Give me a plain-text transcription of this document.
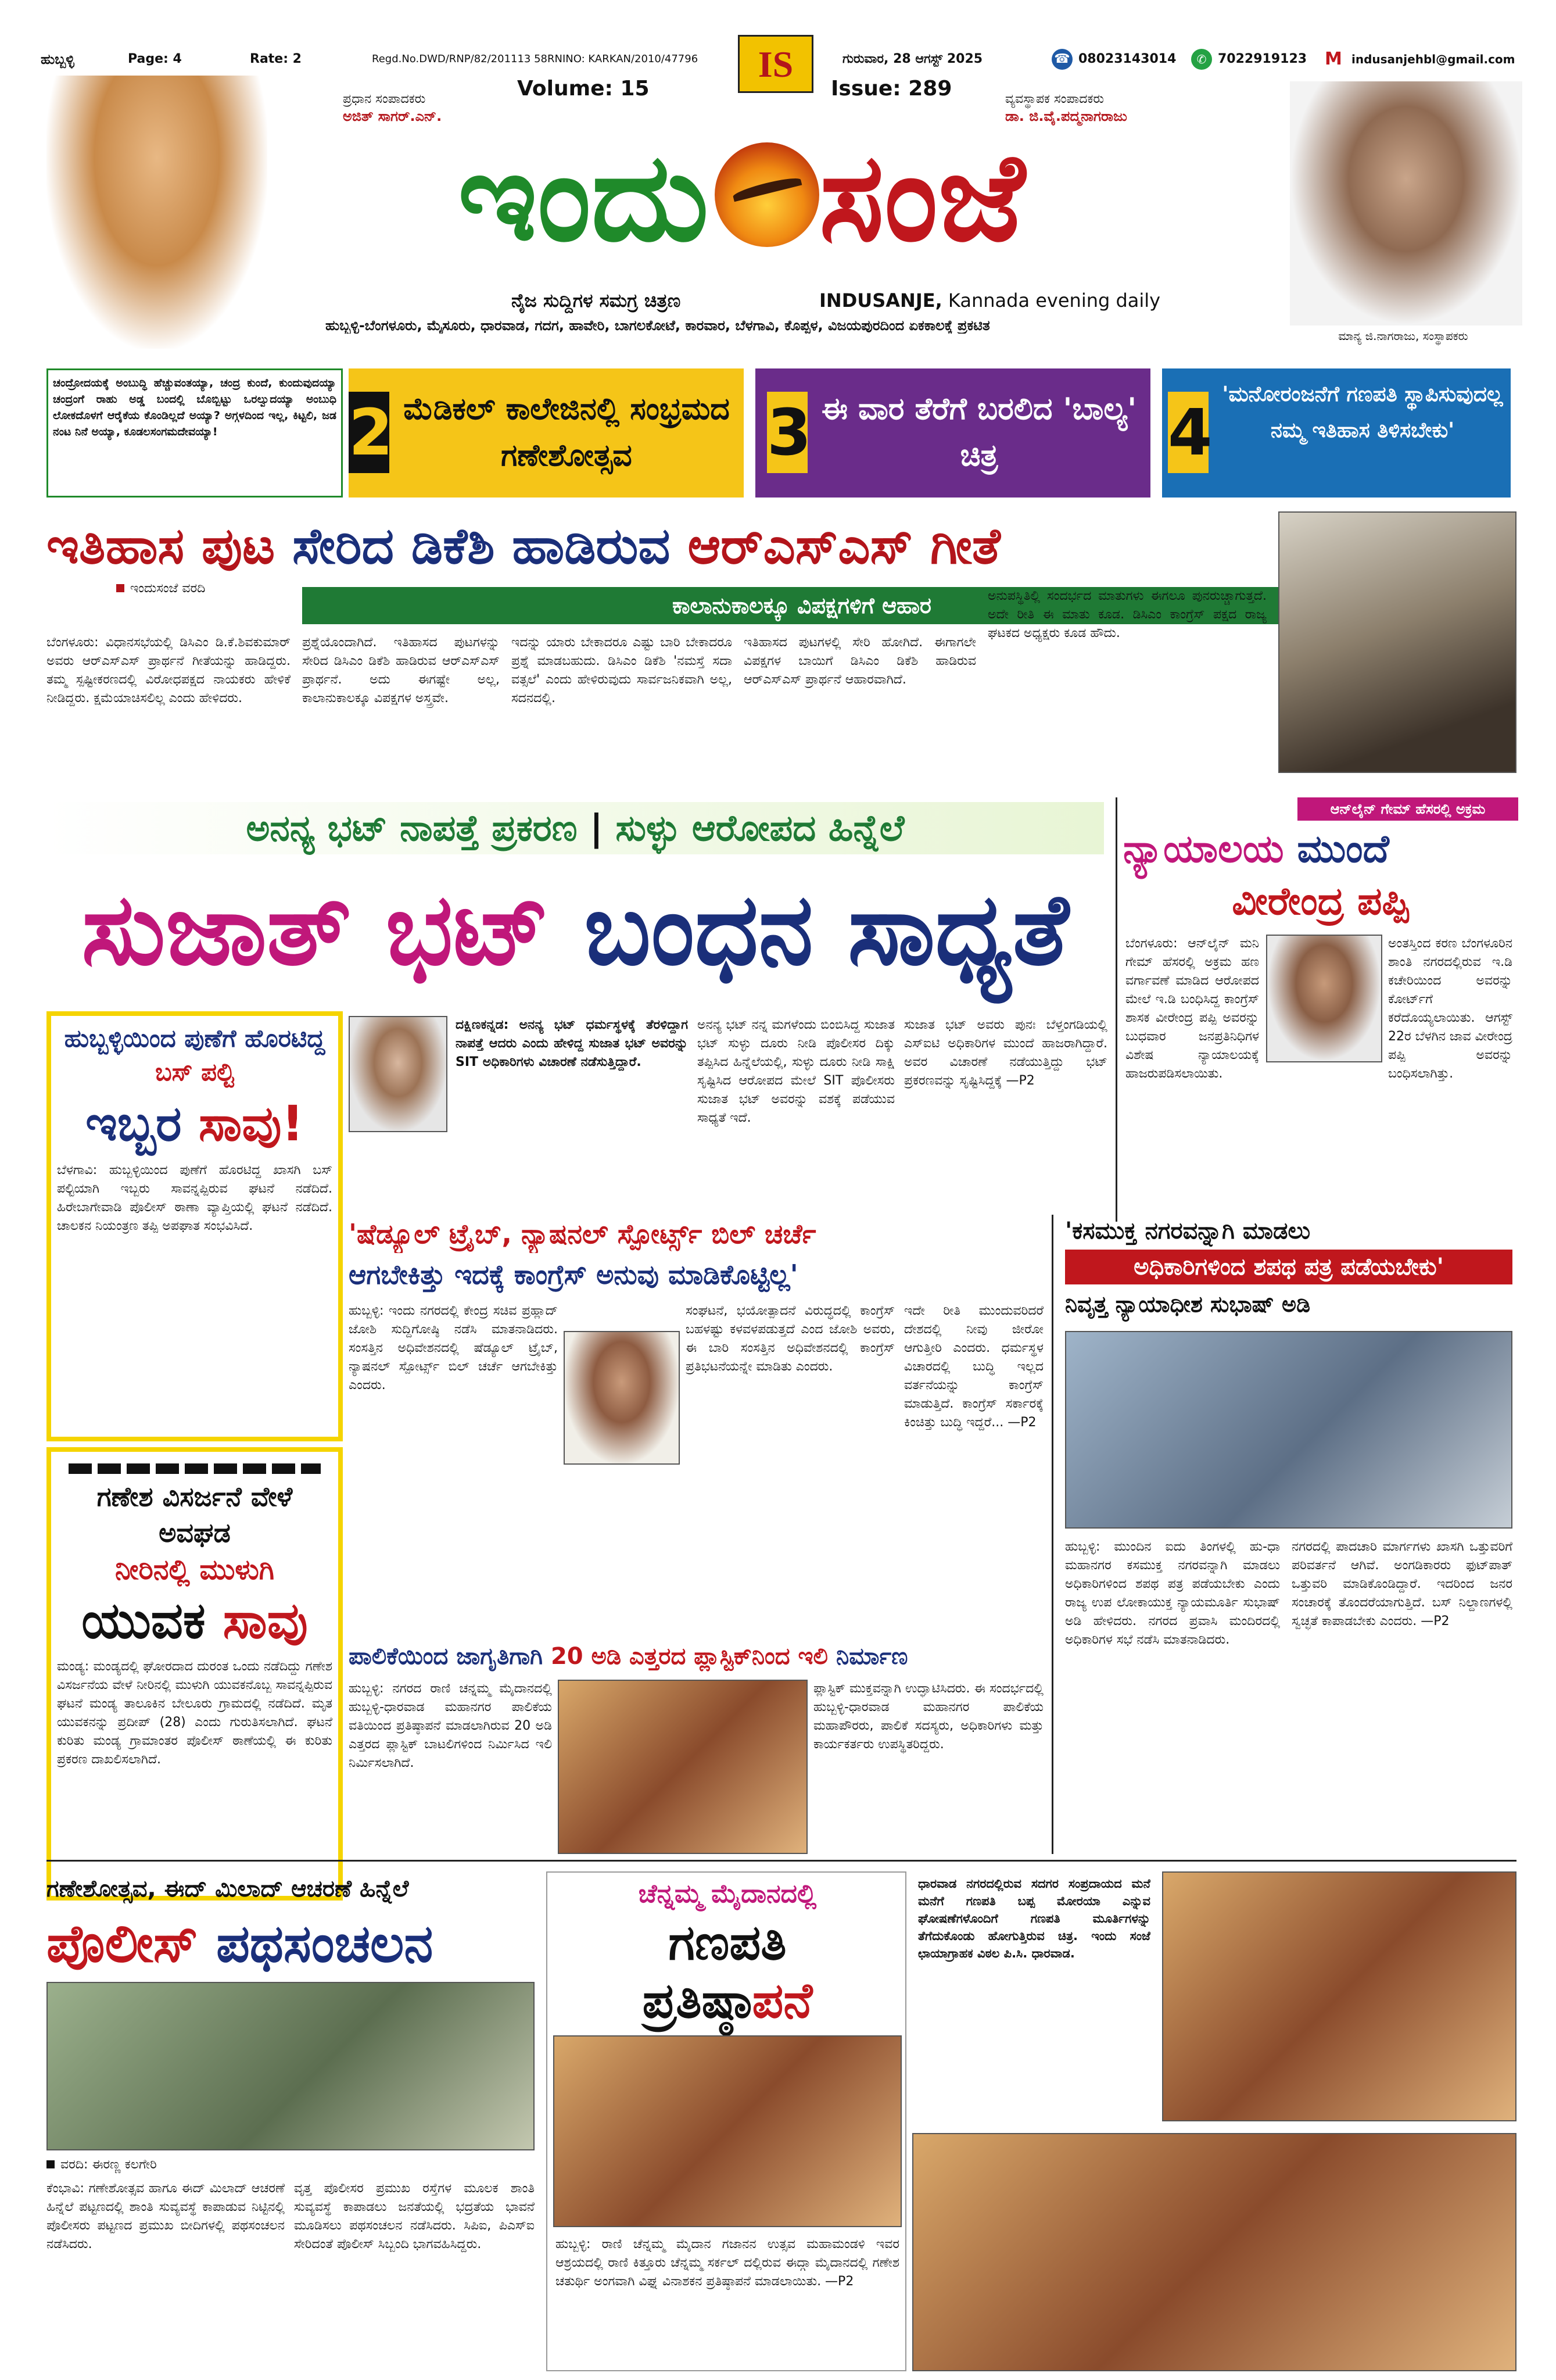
ಹುಬ್ಬಳ್ಳಿ	Page: 4	Rate: 2	Regd.No.DWD/RNP/82/201113 58RNINO: KARKAN/2010/47796	IS	ಗುರುವಾರ, 28 ಆಗಸ್ಟ್ 2025	☎ 08023143014	✆ 7022919123 M indusanjehbl@gmail.com
Volume: 15	Issue: 289
ಪ್ರಧಾನ ಸಂಪಾದಕರು
ಅಜಿತ್ ಸಾಗರ್.ಎನ್.
ವ್ಯವಸ್ಥಾಪಕ ಸಂಪಾದಕರು
ಡಾ. ಜಿ.ವೈ.ಪದ್ಮನಾಗರಾಜು
ಇಂದು ಸಂಜೆ
ನೈಜ ಸುದ್ದಿಗಳ ಸಮಗ್ರ ಚಿತ್ರಣ	INDUSANJE, Kannada evening daily
ಹುಬ್ಬಳ್ಳಿ-ಬೆಂಗಳೂರು, ಮೈಸೂರು, ಧಾರವಾಡ, ಗದಗ, ಹಾವೇರಿ, ಬಾಗಲಕೋಟೆ, ಕಾರವಾರ, ಬೆಳಗಾವಿ, ಕೊಪ್ಪಳ, ವಿಜಯಪುರದಿಂದ ಏಕಕಾಲಕ್ಕೆ ಪ್ರಕಟಿತ
ಮಾನ್ಯ ಜಿ.ನಾಗರಾಜು, ಸಂಸ್ಥಾಪಕರು
ಚಂದ್ರೋದಯಕ್ಕೆ ಅಂಬುದ್ಧಿ ಹೆಚ್ಚುವಂತಯ್ಯಾ, ಚಂದ್ರ ಕುಂದೆ, ಕುಂದುವುದಯ್ಯಾ ಚಂದ್ರಂಗೆ ರಾಹು ಅಡ್ಡ ಬಂದಲ್ಲಿ ಬೊಬ್ಬಿಟ್ಟು ಒರಲ್ವುದಯ್ಯಾ ಅಂಬುಧಿ ಲೋಕದೊಳಗೆ ಆರೈಕೆಯ ಕೊಂಡಿಲ್ಲದೆ ಅಯ್ಯಾ? ಅಗ್ಗಳದಿಂದ ಇಲ್ಲ, ಕಿಟ್ಟಲಿ, ಜಡ ನಂಟ ನಿನೆ ಅಯ್ಯಾ, ಕೂಡಲಸಂಗಮದೇವಯ್ಯಾ!	2 ಮೆಡಿಕಲ್ ಕಾಲೇಜಿನಲ್ಲಿ ಸಂಭ್ರಮದ ಗಣೇಶೋತ್ಸವ	3 ಈ ವಾರ ತೆರೆಗೆ ಬರಲಿದ 'ಬಾಲ್ಯ' ಚಿತ್ರ	4
'ಮನೋರಂಜನೆಗೆ ಗಣಪತಿ ಸ್ಥಾಪಿಸುವುದಲ್ಲ ನಮ್ಮ ಇತಿಹಾಸ ತಿಳಿಸಬೇಕು'
ಇತಿಹಾಸ ಪುಟ ಸೇರಿದ ಡಿಕೆಶಿ ಹಾಡಿರುವ ಆರ್‌ಎಸ್‌ಎಸ್ ಗೀತೆ
ಇಂದುಸಂಜೆ ವರದಿ
ಕಾಲಾನುಕಾಲಕ್ಕೂ ವಿಪಕ್ಷಗಳಿಗೆ ಆಹಾರ
ಬೆಂಗಳೂರು: ವಿಧಾನಸಭೆಯಲ್ಲಿ ಡಿಸಿಎಂ ಡಿ.ಕೆ.ಶಿವಕುಮಾರ್ ಅವರು ಆರ್‌ಎಸ್‌ಎಸ್ ಪ್ರಾರ್ಥನೆ ಗೀತೆಯನ್ನು ಹಾಡಿದ್ದರು. ತಮ್ಮ ಸ್ಪಷ್ಟೀಕರಣದಲ್ಲಿ ವಿರೋಧಪಕ್ಷದ ನಾಯಕರು ಹೇಳಿಕೆ ನೀಡಿದ್ದರು. ಕ್ಷಮೆಯಾಚಿಸಲಿಲ್ಲ ಎಂದು ಹೇಳಿದರು.
ಪ್ರಶ್ನೆಯೊಂದಾಗಿದೆ. ಇತಿಹಾಸದ ಪುಟಗಳನ್ನು ಸೇರಿದ ಡಿಸಿಎಂ ಡಿಕೆಶಿ ಹಾಡಿರುವ ಆರ್‌ಎಸ್‌ಎಸ್ ಪ್ರಾರ್ಥನೆ. ಅದು ಈಗಷ್ಟೇ ಅಲ್ಲ, ಕಾಲಾನುಕಾಲಕ್ಕೂ ವಿಪಕ್ಷಗಳ ಅಸ್ತ್ರವೇ.
ಇದನ್ನು ಯಾರು ಬೇಕಾದರೂ ಎಷ್ಟು ಬಾರಿ ಬೇಕಾದರೂ ಪ್ರಶ್ನೆ ಮಾಡಬಹುದು. ಡಿಸಿಎಂ ಡಿಕೆಶಿ 'ನಮಸ್ತೆ ಸದಾ ವತ್ಸಲೆ' ಎಂದು ಹೇಳಿರುವುದು ಸಾರ್ವಜನಿಕವಾಗಿ ಅಲ್ಲ, ಸದನದಲ್ಲಿ.
ಇತಿಹಾಸದ ಪುಟಗಳಲ್ಲಿ ಸೇರಿ ಹೋಗಿದೆ. ಈಗಾಗಲೇ ವಿಪಕ್ಷಗಳ ಬಾಯಿಗೆ ಡಿಸಿಎಂ ಡಿಕೆಶಿ ಹಾಡಿರುವ ಆರ್‌ಎಸ್‌ಎಸ್ ಪ್ರಾರ್ಥನೆ ಆಹಾರವಾಗಿದೆ.
ಅನುಪಸ್ಥಿತಿಲ್ಲಿ ಸಂದರ್ಭದ ಮಾತುಗಳು ಈಗಲೂ ಪುನರುಚ್ಚಾಗುತ್ತದೆ. ಅದೇ ರೀತಿ ಈ ಮಾತು ಕೂಡ. ಡಿಸಿಎಂ ಕಾಂಗ್ರೆಸ್ ಪಕ್ಷದ ರಾಜ್ಯ ಘಟಕದ ಅಧ್ಯಕ್ಷರು ಕೂಡ ಹೌದು.
ಅನನ್ಯ ಭಟ್ ನಾಪತ್ತೆ ಪ್ರಕರಣ | ಸುಳ್ಳು ಆರೋಪದ ಹಿನ್ನೆಲೆ
ಸುಜಾತ್ ಭಟ್ ಬಂಧನ ಸಾಧ್ಯತೆ
ಆನ್‌ಲೈನ್ ಗೇಮ್ ಹೆಸರಲ್ಲಿ ಅಕ್ರಮ
ನ್ಯಾಯಾಲಯ ಮುಂದೆ
ವೀರೇಂದ್ರ ಪಪ್ಪಿ
ಬೆಂಗಳೂರು: ಆನ್‌ಲೈನ್ ಮನಿ ಗೇಮ್ ಹೆಸರಲ್ಲಿ ಅಕ್ರಮ ಹಣ ವರ್ಗಾವಣೆ ಮಾಡಿದ ಆರೋಪದ ಮೇಲೆ ಇ.ಡಿ ಬಂಧಿಸಿದ್ದ ಕಾಂಗ್ರೆಸ್ ಶಾಸಕ ವೀರೇಂದ್ರ ಪಪ್ಪಿ ಅವರನ್ನು ಬುಧವಾರ ಜನಪ್ರತಿನಿಧಿಗಳ ವಿಶೇಷ ನ್ಯಾಯಾಲಯಕ್ಕೆ ಹಾಜರುಪಡಿಸಲಾಯಿತು.
ಅಂತಸ್ತಿಂದ ಕರಣ ಬೆಂಗಳೂರಿನ ಶಾಂತಿ ನಗರದಲ್ಲಿರುವ ಇ.ಡಿ ಕಚೇರಿಯಿಂದ ಅವರನ್ನು ಕೋರ್ಟ್‌ಗೆ ಕರೆದೊಯ್ಯಲಾಯಿತು. ಆಗಸ್ಟ್ 22ರ ಬೆಳಗಿನ ಜಾವ ವೀರೇಂದ್ರ ಪಪ್ಪಿ ಅವರನ್ನು ಬಂಧಿಸಲಾಗಿತ್ತು.
ಹುಬ್ಬಳ್ಳಿಯಿಂದ ಪುಣೆಗೆ ಹೊರಟಿದ್ದ ಬಸ್ ಪಲ್ಟಿ
ಇಬ್ಬರ ಸಾವು!
ಬೆಳಗಾವಿ: ಹುಬ್ಬಳ್ಳಿಯಿಂದ ಪುಣೆಗೆ ಹೊರಟಿದ್ದ ಖಾಸಗಿ ಬಸ್ ಪಲ್ಟಿಯಾಗಿ ಇಬ್ಬರು ಸಾವನ್ನಪ್ಪಿರುವ ಘಟನೆ ನಡೆದಿದೆ. ಹಿರೇಬಾಗೇವಾಡಿ ಪೊಲೀಸ್ ಠಾಣಾ ವ್ಯಾಪ್ತಿಯಲ್ಲಿ ಘಟನೆ ನಡೆದಿದೆ. ಚಾಲಕನ ನಿಯಂತ್ರಣ ತಪ್ಪಿ ಅಪಘಾತ ಸಂಭವಿಸಿದೆ.
ಗಣೇಶ ವಿಸರ್ಜನೆ ವೇಳೆ ಅವಘಡ
ನೀರಿನಲ್ಲಿ ಮುಳುಗಿ
ಯುವಕ ಸಾವು
ಮಂಡ್ಯ: ಮಂಡ್ಯದಲ್ಲಿ ಘೋರದಾದ ದುರಂತ ಒಂದು ನಡೆದಿದ್ದು ಗಣೇಶ ವಿಸರ್ಜನೆಯ ವೇಳೆ ನೀರಿನಲ್ಲಿ ಮುಳುಗಿ ಯುವಕನೊಬ್ಬ ಸಾವನ್ನಪ್ಪಿರುವ ಘಟನೆ ಮಂಡ್ಯ ತಾಲೂಕಿನ ಬೇಲೂರು ಗ್ರಾಮದಲ್ಲಿ ನಡೆದಿದೆ. ಮೃತ ಯುವಕನನ್ನು ಪ್ರದೀಪ್ (28) ಎಂದು ಗುರುತಿಸಲಾಗಿದೆ. ಘಟನೆ ಕುರಿತು ಮಂಡ್ಯ ಗ್ರಾಮಾಂತರ ಪೊಲೀಸ್ ಠಾಣೆಯಲ್ಲಿ ಈ ಕುರಿತು ಪ್ರಕರಣ ದಾಖಲಿಸಲಾಗಿದೆ.
ದಕ್ಷಿಣಕನ್ನಡ: ಅನನ್ಯ ಭಟ್ ಧರ್ಮಸ್ಥಳಕ್ಕೆ ತೆರಳಿದ್ದಾಗ ನಾಪತ್ತೆ ಆದರು ಎಂದು ಹೇಳಿದ್ದ ಸುಜಾತ ಭಟ್ ಅವರನ್ನು SIT ಅಧಿಕಾರಿಗಳು ವಿಚಾರಣೆ ನಡೆಸುತ್ತಿದ್ದಾರೆ.
ಅನನ್ಯ ಭಟ್ ನನ್ನ ಮಗಳೆಂದು ಬಿಂಬಿಸಿದ್ದ ಸುಜಾತ ಭಟ್ ಸುಳ್ಳು ದೂರು ನೀಡಿ ಪೊಲೀಸರ ದಿಕ್ಕು ತಪ್ಪಿಸಿದ ಹಿನ್ನೆಲೆಯಲ್ಲಿ, ಸುಳ್ಳು ದೂರು ನೀಡಿ ಸಾಕ್ಷಿ ಸೃಷ್ಟಿಸಿದ ಆರೋಪದ ಮೇಲೆ SIT ಪೊಲೀಸರು ಸುಜಾತ ಭಟ್ ಅವರನ್ನು ವಶಕ್ಕೆ ಪಡೆಯುವ ಸಾಧ್ಯತೆ ಇದೆ.
ಸುಜಾತ ಭಟ್ ಅವರು ಪುನಃ ಬೆಳ್ತಂಗಡಿಯಲ್ಲಿ ಎಸ್‌ಐಟಿ ಅಧಿಕಾರಿಗಳ ಮುಂದೆ ಹಾಜರಾಗಿದ್ದಾರೆ. ಅವರ ವಿಚಾರಣೆ ನಡೆಯುತ್ತಿದ್ದು ಭಟ್ ಪ್ರಕರಣವನ್ನು ಸೃಷ್ಟಿಸಿದ್ದಕ್ಕೆ —P2
'ಷೆಡ್ಯೂಲ್ ಟ್ರೈಬ್, ನ್ಯಾಷನಲ್ ಸ್ಪೋರ್ಟ್ಸ್ ಬಿಲ್ ಚರ್ಚೆ
ಆಗಬೇಕಿತ್ತು ಇದಕ್ಕೆ ಕಾಂಗ್ರೆಸ್ ಅನುವು ಮಾಡಿಕೊಟ್ಟಿಲ್ಲ'
ಹುಬ್ಬಳ್ಳಿ: ಇಂದು ನಗರದಲ್ಲಿ ಕೇಂದ್ರ ಸಚಿವ ಪ್ರಹ್ಲಾದ್ ಜೋಶಿ ಸುದ್ದಿಗೋಷ್ಠಿ ನಡೆಸಿ ಮಾತನಾಡಿದರು. ಸಂಸತ್ತಿನ ಅಧಿವೇಶನದಲ್ಲಿ ಷೆಡ್ಯೂಲ್ ಟ್ರೈಬ್, ನ್ಯಾಷನಲ್ ಸ್ಪೋರ್ಟ್ಸ್ ಬಿಲ್ ಚರ್ಚೆ ಆಗಬೇಕಿತ್ತು ಎಂದರು.
ಸಂಘಟನೆ, ಭಯೋತ್ಪಾದನೆ ವಿರುದ್ಧದಲ್ಲಿ ಕಾಂಗ್ರೆಸ್ ಬಹಳಷ್ಟು ಕಳವಳಪಡುತ್ತದೆ ಎಂದ ಜೋಶಿ ಅವರು, ಈ ಬಾರಿ ಸಂಸತ್ತಿನ ಅಧಿವೇಶನದಲ್ಲಿ ಕಾಂಗ್ರೆಸ್ ಪ್ರತಿಭಟನೆಯನ್ನೇ ಮಾಡಿತು ಎಂದರು.
ಇದೇ ರೀತಿ ಮುಂದುವರಿದರೆ ದೇಶದಲ್ಲಿ ನೀವು ಜೀರೋ ಆಗುತ್ತೀರಿ ಎಂದರು. ಧರ್ಮಸ್ಥಳ ವಿಚಾರದಲ್ಲಿ ಬುದ್ಧಿ ಇಲ್ಲದ ವರ್ತನೆಯನ್ನು ಕಾಂಗ್ರೆಸ್ ಮಾಡುತ್ತಿದೆ. ಕಾಂಗ್ರೆಸ್ ಸರ್ಕಾರಕ್ಕೆ ಕಿಂಚಿತ್ತು ಬುದ್ಧಿ ಇದ್ದರೆ... —P2
'ಕಸಮುಕ್ತ ನಗರವನ್ನಾಗಿ ಮಾಡಲು
ಅಧಿಕಾರಿಗಳಿಂದ ಶಪಥ ಪತ್ರ ಪಡೆಯಬೇಕು'
ನಿವೃತ್ತ ನ್ಯಾಯಾಧೀಶ ಸುಭಾಷ್ ಅಡಿ
ಹುಬ್ಬಳ್ಳಿ: ಮುಂದಿನ ಐದು ತಿಂಗಳಲ್ಲಿ ಹು-ಧಾ ಮಹಾನಗರ ಕಸಮುಕ್ತ ನಗರವನ್ನಾಗಿ ಮಾಡಲು ಅಧಿಕಾರಿಗಳಿಂದ ಶಪಥ ಪತ್ರ ಪಡೆಯಬೇಕು ಎಂದು ರಾಜ್ಯ ಉಪ ಲೋಕಾಯುಕ್ತ ನ್ಯಾಯಮೂರ್ತಿ ಸುಭಾಷ್ ಅಡಿ ಹೇಳಿದರು. ನಗರದ ಪ್ರವಾಸಿ ಮಂದಿರದಲ್ಲಿ ಅಧಿಕಾರಿಗಳ ಸಭೆ ನಡೆಸಿ ಮಾತನಾಡಿದರು.
ನಗರದಲ್ಲಿ ಪಾದಚಾರಿ ಮಾರ್ಗಗಳು ಖಾಸಗಿ ಒತ್ತುವರಿಗೆ ಪರಿವರ್ತನೆ ಆಗಿವೆ. ಅಂಗಡಿಕಾರರು ಫುಟ್‌ಪಾತ್ ಒತ್ತುವರಿ ಮಾಡಿಕೊಂಡಿದ್ದಾರೆ. ಇದರಿಂದ ಜನರ ಸಂಚಾರಕ್ಕೆ ತೊಂದರೆಯಾಗುತ್ತಿದೆ. ಬಸ್ ನಿಲ್ದಾಣಗಳಲ್ಲಿ ಸ್ವಚ್ಛತೆ ಕಾಪಾಡಬೇಕು ಎಂದರು. —P2
ಪಾಲಿಕೆಯಿಂದ ಜಾಗೃತಿಗಾಗಿ 20 ಅಡಿ ಎತ್ತರದ ಪ್ಲಾಸ್ಟಿಕ್‌ನಿಂದ ಇಲಿ ನಿರ್ಮಾಣ
ಹುಬ್ಬಳ್ಳಿ: ನಗರದ ರಾಣಿ ಚನ್ನಮ್ಮ ಮೈದಾನದಲ್ಲಿ ಹುಬ್ಬಳ್ಳಿ-ಧಾರವಾಡ ಮಹಾನಗರ ಪಾಲಿಕೆಯ ವತಿಯಿಂದ ಪ್ರತಿಷ್ಠಾಪನೆ ಮಾಡಲಾಗಿರುವ 20 ಅಡಿ ಎತ್ತರದ ಪ್ಲಾಸ್ಟಿಕ್ ಬಾಟಲಿಗಳಿಂದ ನಿರ್ಮಿಸಿದ ಇಲಿ ನಿರ್ಮಿಸಲಾಗಿದೆ.
ಪ್ಲಾಸ್ಟಿಕ್ ಮುಕ್ತವನ್ನಾಗಿ ಉದ್ಘಾಟಿಸಿದರು. ಈ ಸಂದರ್ಭದಲ್ಲಿ ಹುಬ್ಬಳ್ಳಿ-ಧಾರವಾಡ ಮಹಾನಗರ ಪಾಲಿಕೆಯ ಮಹಾಪೌರರು, ಪಾಲಿಕೆ ಸದಸ್ಯರು, ಅಧಿಕಾರಿಗಳು ಮತ್ತು ಕಾರ್ಯಕರ್ತರು ಉಪಸ್ಥಿತರಿದ್ದರು.
ಗಣೇಶೋತ್ಸವ, ಈದ್ ಮಿಲಾದ್ ಆಚರಣೆ ಹಿನ್ನೆಲೆ
ಪೊಲೀಸ್ ಪಥಸಂಚಲನ
ವರದಿ: ಈರಣ್ಣ ಕಲಗೇರಿ
ಕೆಂಭಾವಿ: ಗಣೇಶೋತ್ಸವ ಹಾಗೂ ಈದ್ ಮಿಲಾದ್ ಆಚರಣೆ ಹಿನ್ನೆಲೆ ಪಟ್ಟಣದಲ್ಲಿ ಶಾಂತಿ ಸುವ್ಯವಸ್ಥೆ ಕಾಪಾಡುವ ನಿಟ್ಟಿನಲ್ಲಿ ಪೊಲೀಸರು ಪಟ್ಟಣದ ಪ್ರಮುಖ ಬೀದಿಗಳಲ್ಲಿ ಪಥಸಂಚಲನ ನಡೆಸಿದರು.
ವೃತ್ತ ಪೊಲೀಸರ ಪ್ರಮುಖ ರಸ್ತೆಗಳ ಮೂಲಕ ಶಾಂತಿ ಸುವ್ಯವಸ್ಥೆ ಕಾಪಾಡಲು ಜನತೆಯಲ್ಲಿ ಭದ್ರತೆಯ ಭಾವನೆ ಮೂಡಿಸಲು ಪಥಸಂಚಲನ ನಡೆಸಿದರು. ಸಿಪಿಐ, ಪಿಎಸ್ಐ ಸೇರಿದಂತೆ ಪೊಲೀಸ್ ಸಿಬ್ಬಂದಿ ಭಾಗವಹಿಸಿದ್ದರು.
ಚೆನ್ನಮ್ಮ ಮೈದಾನದಲ್ಲಿ
ಗಣಪತಿ
ಪ್ರತಿಷ್ಠಾಪನೆ
ಹುಬ್ಬಳ್ಳಿ: ರಾಣಿ ಚೆನ್ನಮ್ಮ ಮೈದಾನ ಗಜಾನನ ಉತ್ಸವ ಮಹಾಮಂಡಳಿ ಇವರ ಆಶ್ರಯದಲ್ಲಿ ರಾಣಿ ಕಿತ್ತೂರು ಚೆನ್ನಮ್ಮ ಸರ್ಕಲ್ ದಲ್ಲಿರುವ ಈದ್ಗಾ ಮೈದಾನದಲ್ಲಿ ಗಣೇಶ ಚತುರ್ಥಿ ಅಂಗವಾಗಿ ವಿಘ್ನ ವಿನಾಶಕನ ಪ್ರತಿಷ್ಠಾಪನೆ ಮಾಡಲಾಯಿತು. —P2
ಧಾರವಾಡ ನಗರದಲ್ಲಿರುವ ಸದಗರ ಸಂಪ್ರದಾಯದ ಮನೆ ಮನೆಗೆ ಗಣಪತಿ ಬಪ್ಪ ಮೋರಯಾ ಎನ್ನುವ ಘೋಷಣೆಗಳೊಂದಿಗೆ ಗಣಪತಿ ಮೂರ್ತಿಗಳನ್ನು ತೆಗೆದುಕೊಂಡು ಹೋಗುತ್ತಿರುವ ಚಿತ್ರ. ಇಂದು ಸಂಜೆ ಛಾಯಾಗ್ರಾಹಕ ವಿಠಲ ಪಿ.ಸಿ. ಧಾರವಾಡ.
